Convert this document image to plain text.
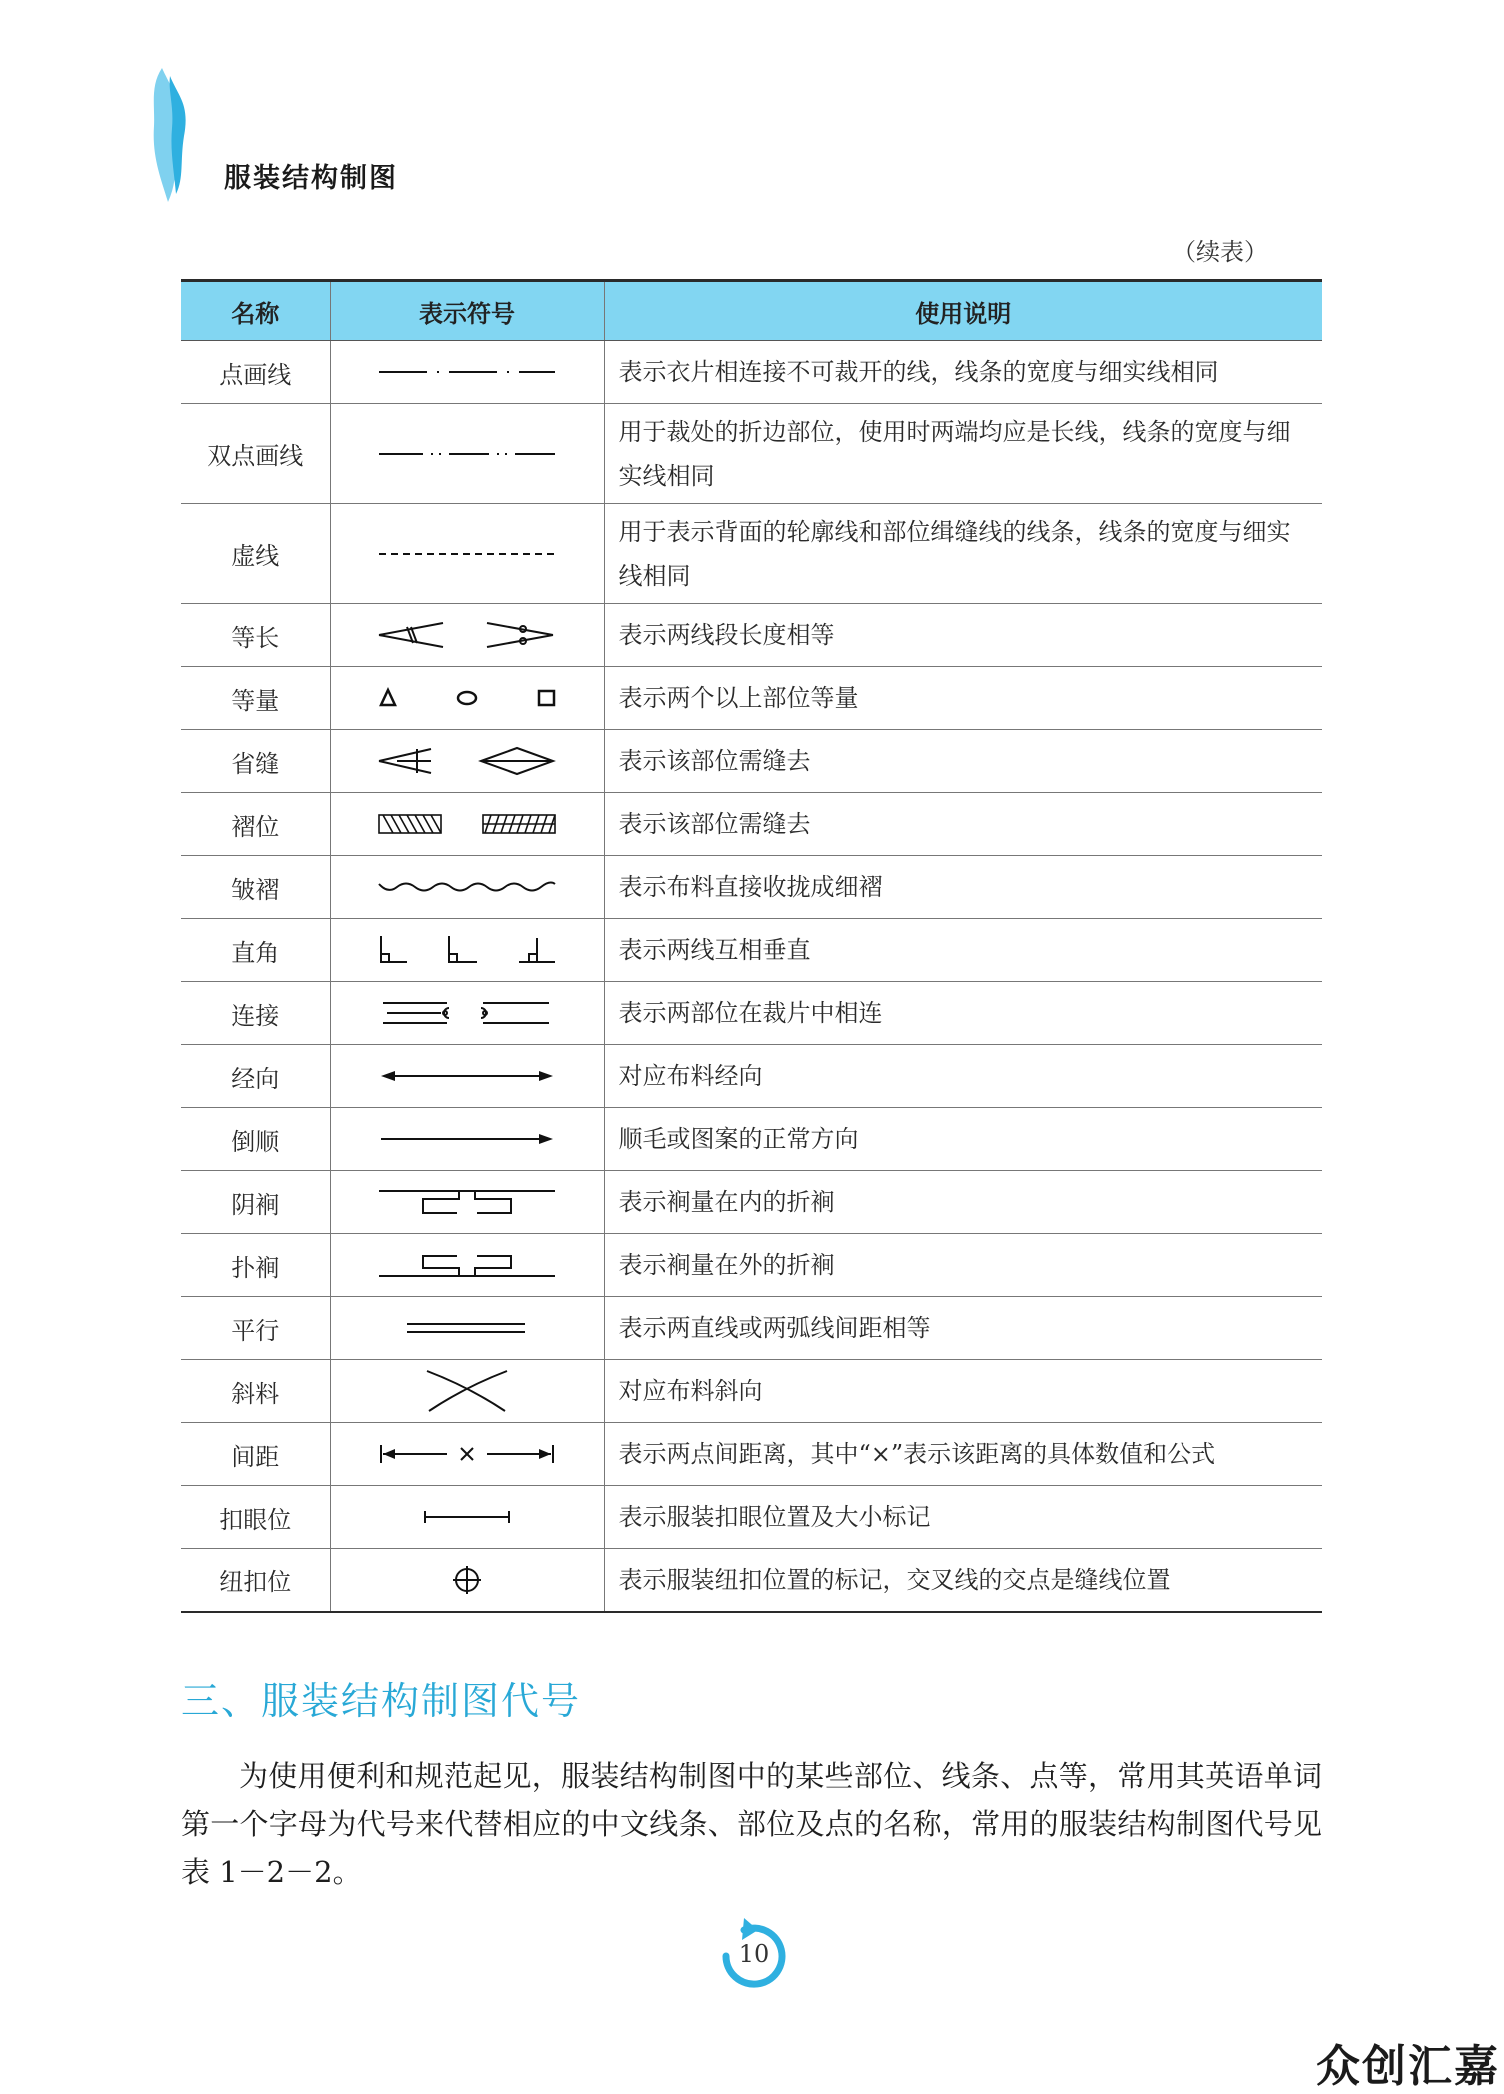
服装结构制图
（续表）
名称	表示符号	使用说明
点画线		表示衣片相连接不可裁开的线，线条的宽度与细实线相同
双点画线		用于裁处的折边部位，使用时两端均应是长线，线条的宽度与细实线相同
虚线		用于表示背面的轮廓线和部位缉缝线的线条，线条的宽度与细实线相同
等长		表示两线段长度相等
等量		表示两个以上部位等量
省缝		表示该部位需缝去
褶位		表示该部位需缝去
皱褶		表示布料直接收拢成细褶
直角		表示两线互相垂直
连接		表示两部位在裁片中相连
经向		对应布料经向
倒顺		顺毛或图案的正常方向
阴裥		表示裥量在内的折裥
扑裥		表示裥量在外的折裥
平行		表示两直线或两弧线间距相等
斜料		对应布料斜向
间距		表示两点间距离，其中“×”表示该距离的具体数值和公式
扣眼位		表示服装扣眼位置及大小标记
纽扣位		表示服装纽扣位置的标记，交叉线的交点是缝线位置
三、服装结构制图代号
为使用便利和规范起见，服装结构制图中的某些部位、线条、点等，常用其英语单词第一个字母为代号来代替相应的中文线条、部位及点的名称，常用的服装结构制图代号见表 1－2－2。
10
众创汇嘉
